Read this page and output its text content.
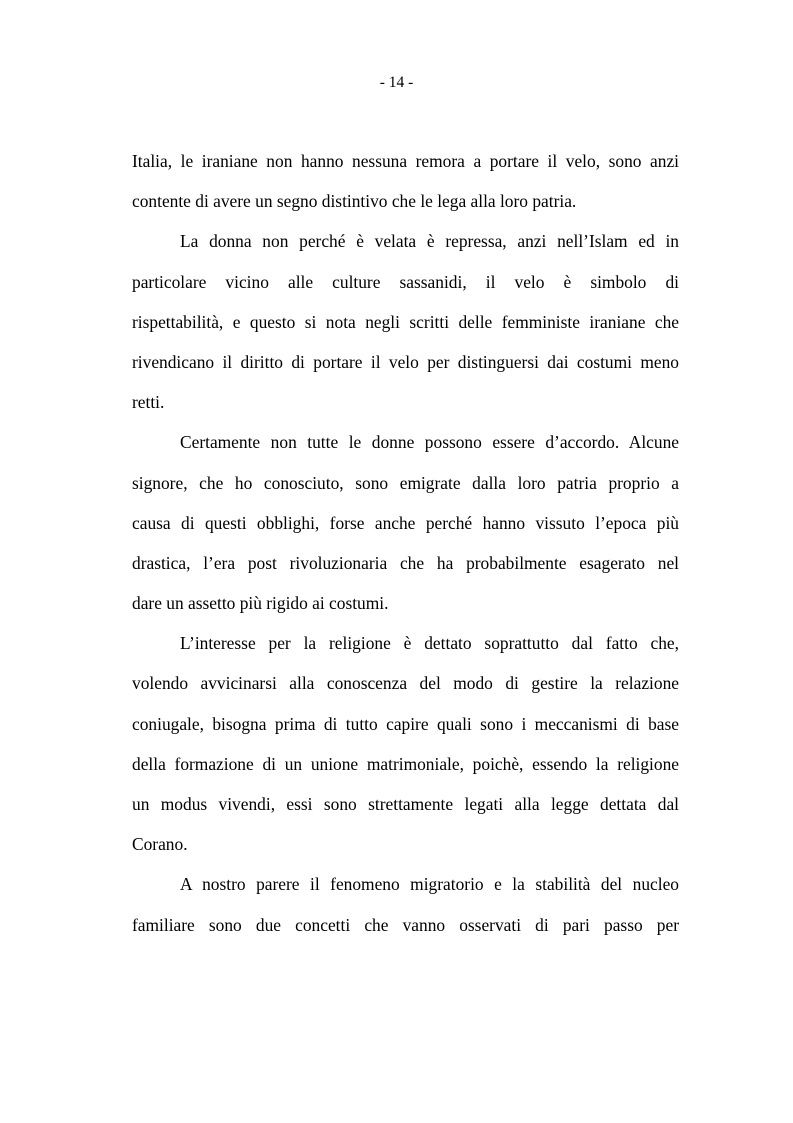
- 14 -
Italia, le iraniane non hanno nessuna remora a portare il velo, sono anzi
contente di avere un segno distintivo che le lega alla loro patria.
La donna non perché è velata è repressa, anzi nell’Islam ed in
particolare vicino alle culture sassanidi, il velo è simbolo di
rispettabilità, e questo si nota negli scritti delle femministe iraniane che
rivendicano il diritto di portare il velo per distinguersi dai costumi meno
retti.
Certamente non tutte le donne possono essere d’accordo. Alcune
signore, che ho conosciuto, sono emigrate dalla loro patria proprio a
causa di questi obblighi, forse anche perché hanno vissuto l’epoca più
drastica, l’era post rivoluzionaria che ha probabilmente esagerato nel
dare un assetto più rigido ai costumi.
L’interesse per la religione è dettato soprattutto dal fatto che,
volendo avvicinarsi alla conoscenza del modo di gestire la relazione
coniugale, bisogna prima di tutto capire quali sono i meccanismi di base
della formazione di un unione matrimoniale, poichè, essendo la religione
un modus vivendi, essi sono strettamente legati alla legge dettata dal
Corano.
A nostro parere il fenomeno migratorio e la stabilità del nucleo
familiare sono due concetti che vanno osservati di pari passo per
